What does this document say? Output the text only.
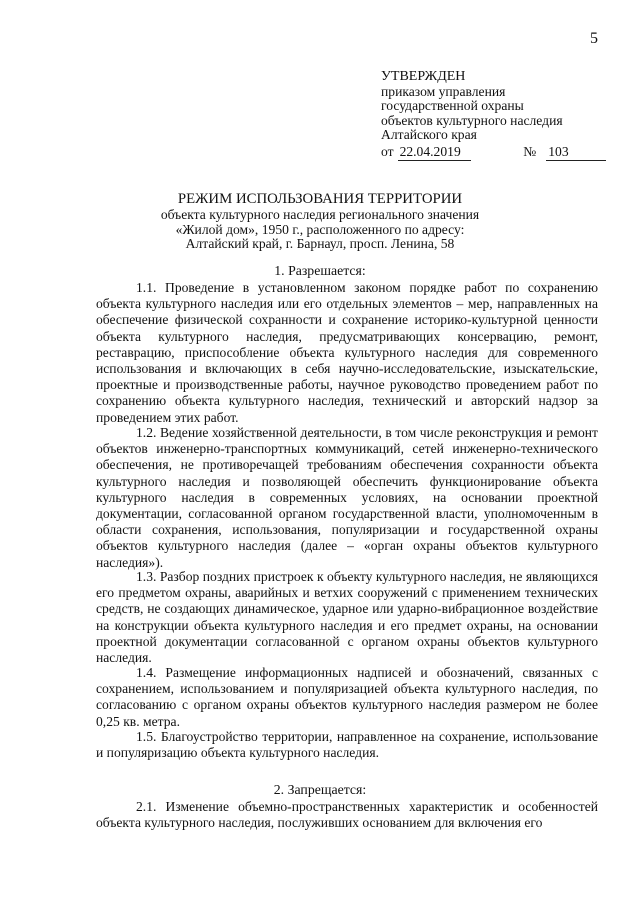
5
УТВЕРЖДЕН
приказом управления
государственной охраны
объектов культурного наследия
Алтайского края
от 22.04.2019	№ 103
РЕЖИМ ИСПОЛЬЗОВАНИЯ ТЕРРИТОРИИ
объекта культурного наследия регионального значения
«Жилой дом», 1950 г., расположенного по адресу:
Алтайский край, г. Барнаул, просп. Ленина, 58
1. Разрешается:
1.1. Проведение в установленном законом порядке работ по сохранению объекта культурного наследия или его отдельных элементов – мер, направленных на обеспечение физической сохранности и сохранение историко-культурной ценности объекта культурного наследия, предусматривающих консервацию, ремонт, реставрацию, приспособление объекта культурного наследия для современного использования и включающих в себя научно-исследовательские, изыскательские, проектные и производственные работы, научное руководство проведением работ по сохранению объекта культурного наследия, технический и авторский надзор за проведением этих работ.
1.2. Ведение хозяйственной деятельности, в том числе реконструкция и ремонт объектов инженерно-транспортных коммуникаций, сетей инженерно-технического обеспечения, не противоречащей требованиям обеспечения сохранности объекта культурного наследия и позволяющей обеспечить функционирование объекта культурного наследия в современных условиях, на основании проектной документации, согласованной органом государственной власти, уполномоченным в области сохранения, использования, популяризации и государственной охраны объектов культурного наследия (далее – «орган охраны объектов культурного наследия»).
1.3. Разбор поздних пристроек к объекту культурного наследия, не являющихся его предметом охраны, аварийных и ветхих сооружений с применением технических средств, не создающих динамическое, ударное или ударно-вибрационное воздействие на конструкции объекта культурного наследия и его предмет охраны, на основании проектной документации согласованной с органом охраны объектов культурного наследия.
1.4. Размещение информационных надписей и обозначений, связанных с сохранением, использованием и популяризацией объекта культурного наследия, по согласованию с органом охраны объектов культурного наследия размером не более 0,25 кв. метра.
1.5. Благоустройство территории, направленное на сохранение, использование и популяризацию объекта культурного наследия.
2. Запрещается:
2.1. Изменение объемно-пространственных характеристик и особенностей объекта культурного наследия, послуживших основанием для включения его
